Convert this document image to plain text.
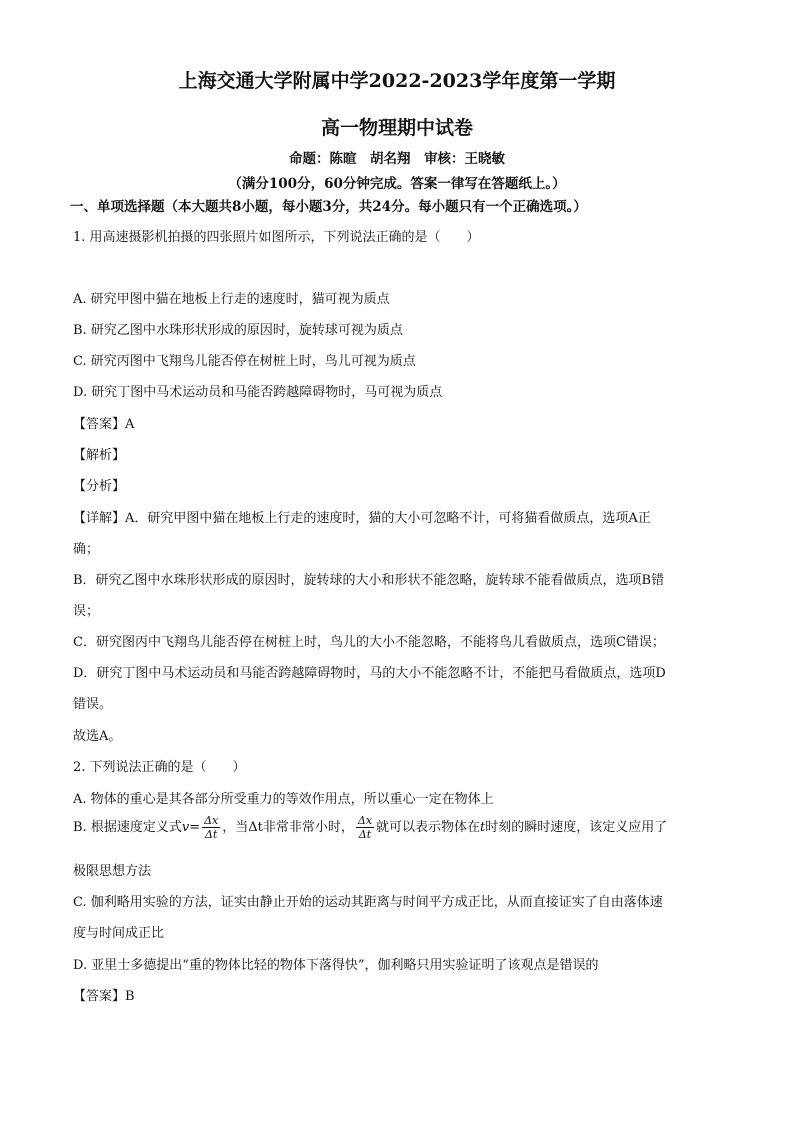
上海交通大学附属中学2022-2023学年度第一学期
高一物理期中试卷
命题：陈暄　胡名翔　审核：王晓敏
（满分100分，60分钟完成。答案一律写在答题纸上。）
一、单项选择题（本大题共8小题，每小题3分，共24分。每小题只有一个正确选项。）
1. 用高速摄影机拍摄的四张照片如图所示，下列说法正确的是（　　）
A. 研究甲图中猫在地板上行走的速度时，猫可视为质点
B. 研究乙图中水珠形状形成的原因时，旋转球可视为质点
C. 研究丙图中飞翔鸟儿能否停在树桩上时，鸟儿可视为质点
D. 研究丁图中马术运动员和马能否跨越障碍物时，马可视为质点
【答案】A
【解析】
【分析】
【详解】A．研究甲图中猫在地板上行走的速度时，猫的大小可忽略不计，可将猫看做质点，选项A正
确；
B．研究乙图中水珠形状形成的原因时，旋转球的大小和形状不能忽略，旋转球不能看做质点，选项B错
误；
C．研究图丙中飞翔鸟儿能否停在树桩上时，鸟儿的大小不能忽略，不能将鸟儿看做质点，选项C错误；
D．研究丁图中马术运动员和马能否跨越障碍物时，马的大小不能忽略不计，不能把马看做质点，选项D
错误。
故选A。
2. 下列说法正确的是（　　）
A. 物体的重心是其各部分所受重力的等效作用点，所以重心一定在物体上
B. 根据速度定义式$v= \frac{\Delta x}{\Delta t}$ ，当Δt非常非常小时， $\frac{\Delta x}{\Delta t}$ 就可以表示物体在t时刻的瞬时速度，该定义应用了
极限思想方法
C. 伽利略用实验的方法，证实由静止开始的运动其距离与时间平方成正比，从而直接证实了自由落体速
度与时间成正比
D. 亚里士多德提出“重的物体比轻的物体下落得快”，伽利略只用实验证明了该观点是错误的
【答案】B
